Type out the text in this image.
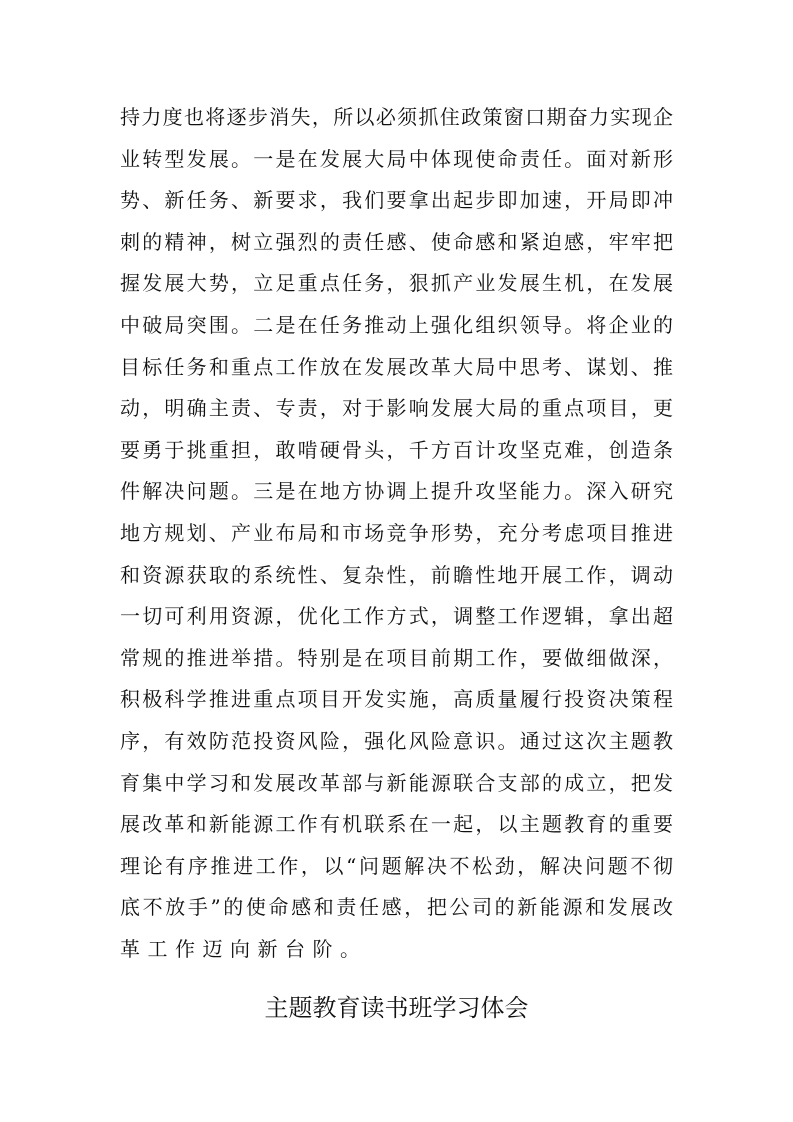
持力度也将逐步消失，所以必须抓住政策窗口期奋力实现企
业转型发展。一是在发展大局中体现使命责任。面对新形
势、新任务、新要求，我们要拿出起步即加速，开局即冲
刺的精神，树立强烈的责任感、使命感和紧迫感，牢牢把
握发展大势，立足重点任务，狠抓产业发展生机，在发展
中破局突围。二是在任务推动上强化组织领导。将企业的
目标任务和重点工作放在发展改革大局中思考、谋划、推
动，明确主责、专责，对于影响发展大局的重点项目，更
要勇于挑重担，敢啃硬骨头，千方百计攻坚克难，创造条
件解决问题。三是在地方协调上提升攻坚能力。深入研究
地方规划、产业布局和市场竞争形势，充分考虑项目推进
和资源获取的系统性、复杂性，前瞻性地开展工作，调动
一切可利用资源，优化工作方式，调整工作逻辑，拿出超
常规的推进举措。特别是在项目前期工作，要做细做深，
积极科学推进重点项目开发实施，高质量履行投资决策程
序，有效防范投资风险，强化风险意识。通过这次主题教
育集中学习和发展改革部与新能源联合支部的成立，把发
展改革和新能源工作有机联系在一起，以主题教育的重要
理论有序推进工作，以“问题解决不松劲，解决问题不彻
底不放手”的使命感和责任感，把公司的新能源和发展改
革工作迈向新台阶。
主题教育读书班学习体会
